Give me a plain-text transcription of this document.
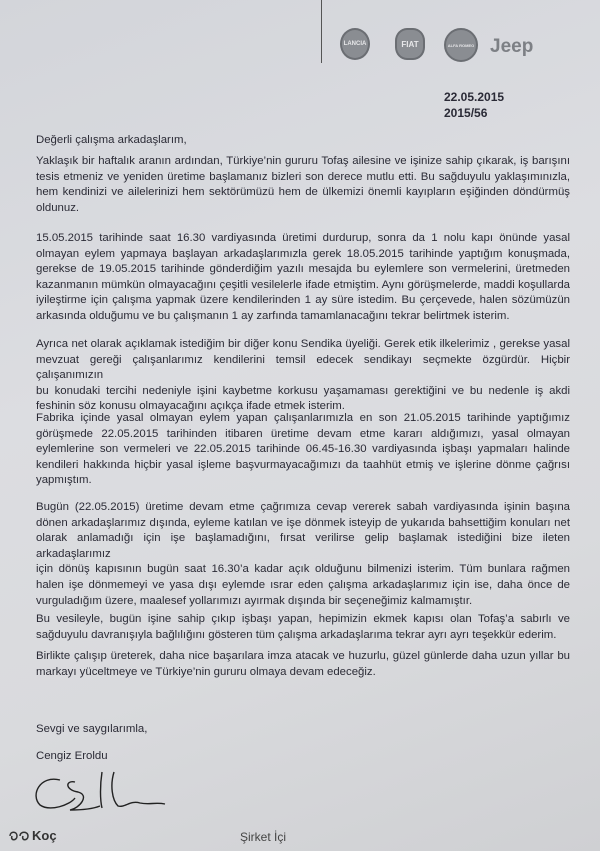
LANCIA	FIAT	ALFA ROMEO Jeep
22.05.2015
2015/56
Değerli çalışma arkadaşlarım,
Yaklaşık bir haftalık aranın ardından, Türkiye’nin gururu Tofaş ailesine ve işinize sahip çıkarak, iş barışını
tesis etmeniz ve yeniden üretime başlamanız bizleri son derece mutlu etti. Bu sağduyulu yaklaşımınızla,
hem kendinizi ve ailelerinizi hem sektörümüzü hem de ülkemizi önemli kayıpların eşiğinden döndürmüş
oldunuz.
15.05.2015 tarihinde saat 16.30 vardiyasında üretimi durdurup, sonra da 1 nolu kapı önünde yasal
olmayan eylem yapmaya başlayan arkadaşlarımızla gerek 18.05.2015 tarihinde yaptığım konuşmada,
gerekse de 19.05.2015 tarihinde gönderdiğim yazılı mesajda bu eylemlere son vermelerini, üretmeden
kazanmanın mümkün olmayacağını çeşitli vesilelerle ifade etmiştim. Aynı görüşmelerde, maddi koşullarda
iyileştirme için çalışma yapmak üzere kendilerinden 1 ay süre istedim. Bu çerçevede, halen sözümüzün
arkasında olduğumu ve bu çalışmanın 1 ay zarfında tamamlanacağını tekrar belirtmek isterim.
Ayrıca net olarak açıklamak istediğim bir diğer konu Sendika üyeliği. Gerek etik ilkelerimiz , gerekse yasal
mevzuat gereği çalışanlarımız kendilerini temsil edecek sendikayı seçmekte özgürdür. Hiçbir çalışanımızın
bu konudaki tercihi nedeniyle işini kaybetme korkusu yaşamaması gerektiğini ve bu nedenle iş akdi
feshinin söz konusu olmayacağını açıkça ifade etmek isterim.
Fabrika içinde yasal olmayan eylem yapan çalışanlarımızla en son 21.05.2015 tarihinde yaptığımız
görüşmede 22.05.2015 tarihinden itibaren üretime devam etme kararı aldığımızı, yasal olmayan
eylemlerine son vermeleri ve 22.05.2015 tarihinde 06.45-16.30 vardiyasında işbaşı yapmaları halinde
kendileri hakkında hiçbir yasal işleme başvurmayacağımızı da taahhüt etmiş ve işlerine dönme çağrısı
yapmıştım.
Bugün (22.05.2015) üretime devam etme çağrımıza cevap vererek sabah vardiyasında işinin başına
dönen arkadaşlarımız dışında, eyleme katılan ve işe dönmek isteyip de yukarıda bahsettiğim konuları net
olarak anlamadığı için işe başlamadığını, fırsat verilirse gelip başlamak istediğini bize ileten arkadaşlarımız
için dönüş kapısının bugün saat 16.30’a kadar açık olduğunu bilmenizi isterim. Tüm bunlara rağmen
halen işe dönmemeyi ve yasa dışı eylemde ısrar eden çalışma arkadaşlarımız için ise, daha önce de
vurguladığım üzere, maalesef yollarımızı ayırmak dışında bir seçeneğimiz kalmamıştır.
Bu vesileyle, bugün işine sahip çıkıp işbaşı yapan, hepimizin ekmek kapısı olan Tofaş’a sabırlı ve
sağduyulu davranışıyla bağlılığını gösteren tüm çalışma arkadaşlarıma tekrar ayrı ayrı teşekkür ederim.
Birlikte çalışıp üreterek, daha nice başarılara imza atacak ve huzurlu, güzel günlerde daha uzun yıllar bu
markayı yüceltmeye ve Türkiye’nin gururu olmaya devam edeceğiz.
Sevgi ve saygılarımla,
Cengiz Eroldu
Koç	Şirket İçi
